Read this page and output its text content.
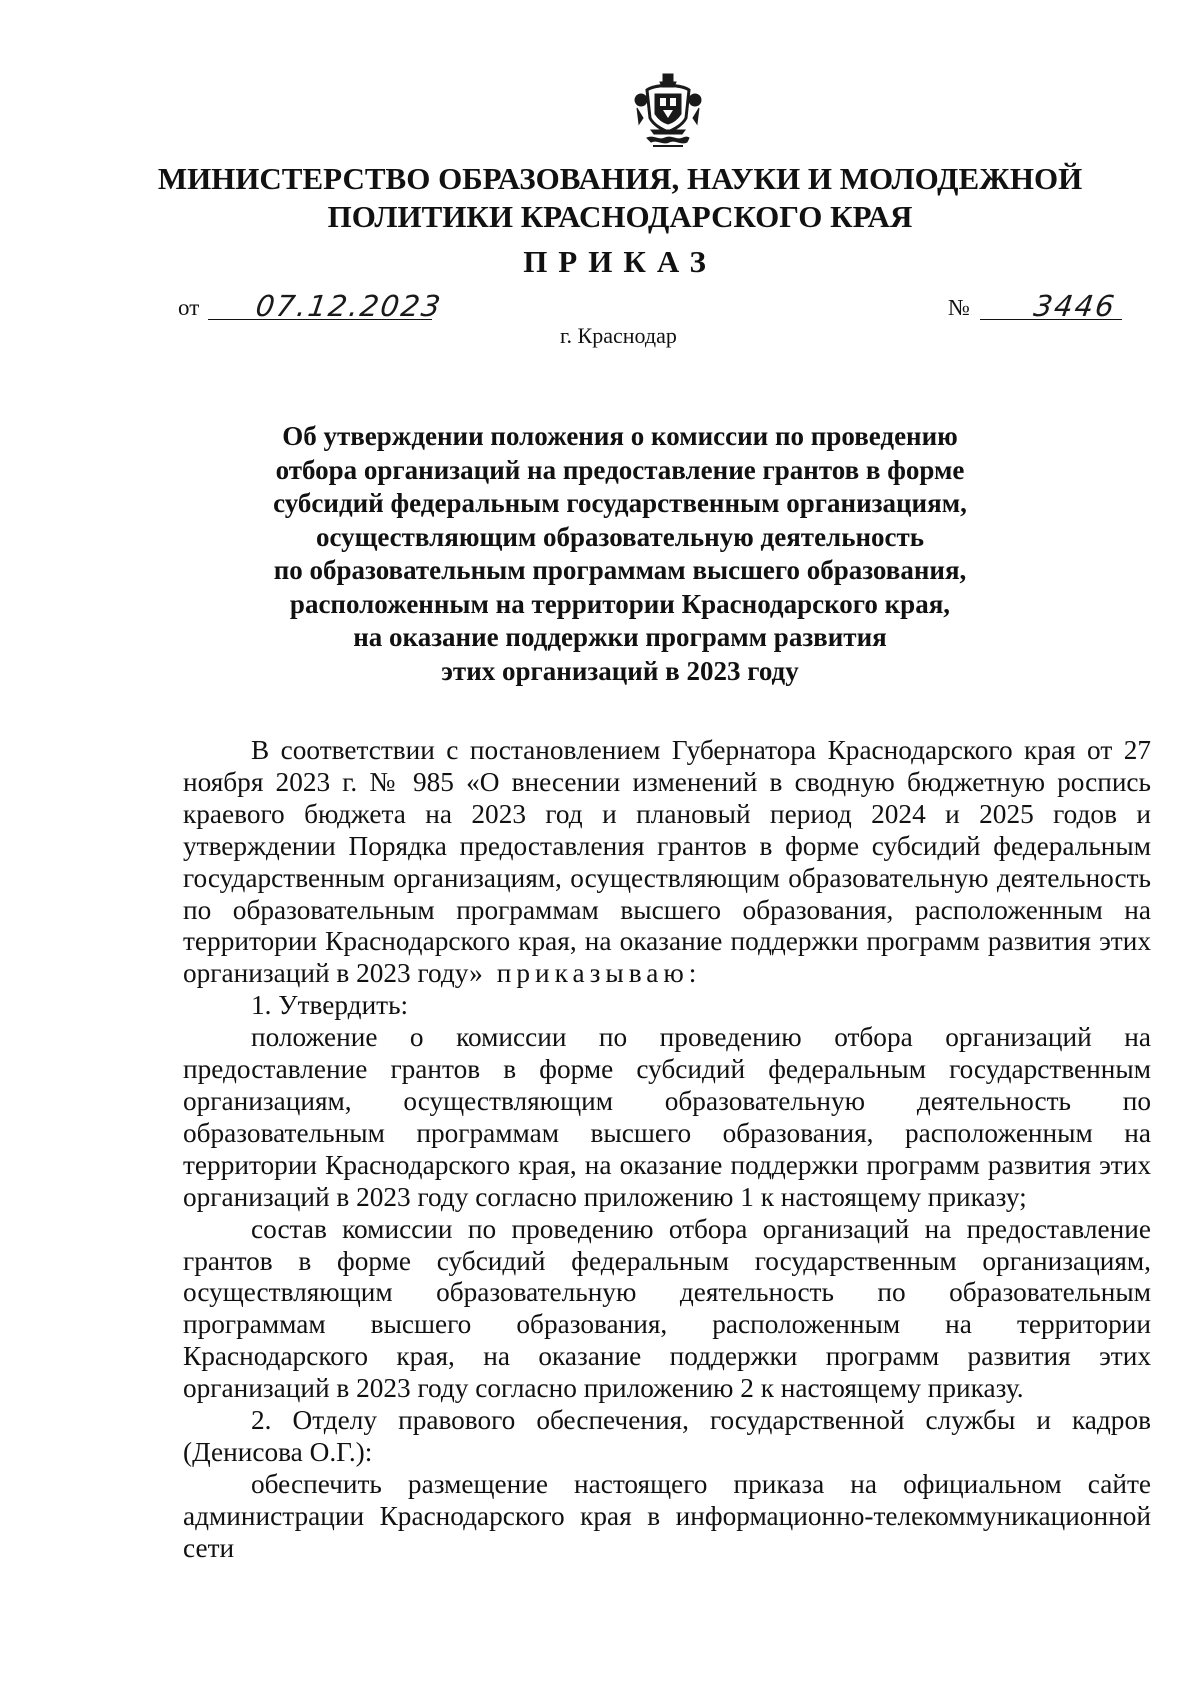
МИНИСТЕРСТВО ОБРАЗОВАНИЯ, НАУКИ И МОЛОДЕЖНОЙ
ПОЛИТИКИ КРАСНОДАРСКОГО КРАЯ
ПРИКАЗ
от 07.12.2023	№ 3446
г. Краснодар
Об утверждении положения о комиссии по проведению
отбора организаций на предоставление грантов в форме
субсидий федеральным государственным организациям,
осуществляющим образовательную деятельность
по образовательным программам высшего образования,
расположенным на территории Краснодарского края,
на оказание поддержки программ развития
этих организаций в 2023 году

В соответствии с постановлением Губернатора Краснодарского края от 27 ноября 2023 г. № 985 «О внесении изменений в сводную бюджетную роспись краевого бюджета на 2023 год и плановый период 2024 и 2025 годов и утверждении Порядка предоставления грантов в форме субсидий федеральным государственным организациям, осуществляющим образовательную деятельность по образовательным программам высшего образования, расположенным на территории Краснодарского края, на оказание поддержки программ развития этих организаций в 2023 году» приказываю:

1. Утвердить:

положение о комиссии по проведению отбора организаций на предоставление грантов в форме субсидий федеральным государственным организациям, осуществляющим образовательную деятельность по образовательным программам высшего образования, расположенным на территории Краснодарского края, на оказание поддержки программ развития этих организаций в 2023 году согласно приложению 1 к настоящему приказу;

состав комиссии по проведению отбора организаций на предоставление грантов в форме субсидий федеральным государственным организациям, осуществляющим образовательную деятельность по образовательным программам высшего образования, расположенным на территории Краснодарского края, на оказание поддержки программ развития этих организаций в 2023 году согласно приложению 2 к настоящему приказу.

2. Отделу правового обеспечения, государственной службы и кадров (Денисова О.Г.):

обеспечить размещение настоящего приказа на официальном сайте администрации Краснодарского края в информационно-телекоммуникационной сети
